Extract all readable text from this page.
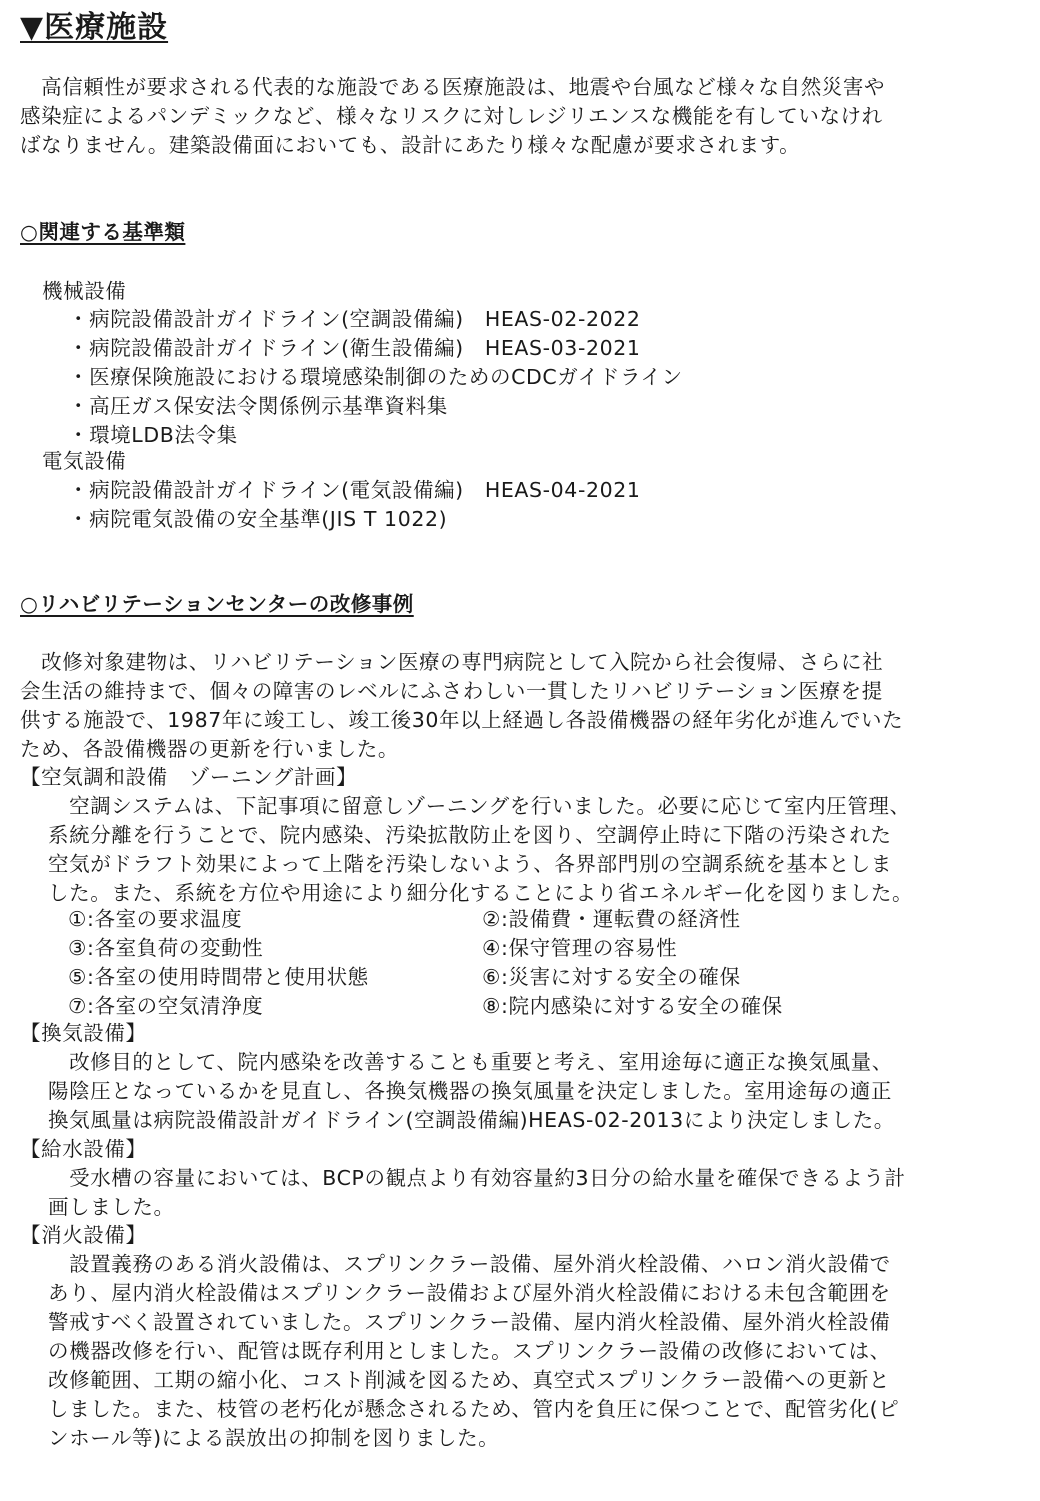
▼医療施設
　高信頼性が要求される代表的な施設である医療施設は、地震や台風など様々な自然災害や
感染症によるパンデミックなど、様々なリスクに対しレジリエンスな機能を有していなけれ
ばなりません。建築設備面においても、設計にあたり様々な配慮が要求されます。
○関連する基準類
機械設備
・病院設備設計ガイドライン(空調設備編)　HEAS-02-2022
・病院設備設計ガイドライン(衛生設備編)　HEAS-03-2021
・医療保険施設における環境感染制御のためのCDCガイドライン
・高圧ガス保安法令関係例示基準資料集
・環境LDB法令集
電気設備
・病院設備設計ガイドライン(電気設備編)　HEAS-04-2021
・病院電気設備の安全基準(JIS T 1022)
○リハビリテーションセンターの改修事例
　改修対象建物は、リハビリテーション医療の専門病院として入院から社会復帰、さらに社
会生活の維持まで、個々の障害のレベルにふさわしい一貫したリハビリテーション医療を提
供する施設で、1987年に竣工し、竣工後30年以上経過し各設備機器の経年劣化が進んでいた
ため、各設備機器の更新を行いました。
【空気調和設備　ゾーニング計画】
　空調システムは、下記事項に留意しゾーニングを行いました。必要に応じて室内圧管理、
系統分離を行うことで、院内感染、汚染拡散防止を図り、空調停止時に下階の汚染された
空気がドラフト効果によって上階を汚染しないよう、各界部門別の空調系統を基本としま
した。また、系統を方位や用途により細分化することにより省エネルギー化を図りました。
①:各室の要求温度	②:設備費・運転費の経済性
③:各室負荷の変動性	④:保守管理の容易性
⑤:各室の使用時間帯と使用状態	⑥:災害に対する安全の確保
⑦:各室の空気清浄度	⑧:院内感染に対する安全の確保
【換気設備】
　改修目的として、院内感染を改善することも重要と考え、室用途毎に適正な換気風量、
陽陰圧となっているかを見直し、各換気機器の換気風量を決定しました。室用途毎の適正
換気風量は病院設備設計ガイドライン(空調設備編)HEAS-02-2013により決定しました。
【給水設備】
　受水槽の容量においては、BCPの観点より有効容量約3日分の給水量を確保できるよう計
画しました。
【消火設備】
　設置義務のある消火設備は、スプリンクラー設備、屋外消火栓設備、ハロン消火設備で
あり、屋内消火栓設備はスプリンクラー設備および屋外消火栓設備における未包含範囲を
警戒すべく設置されていました。スプリンクラー設備、屋内消火栓設備、屋外消火栓設備
の機器改修を行い、配管は既存利用としました。スプリンクラー設備の改修においては、
改修範囲、工期の縮小化、コスト削減を図るため、真空式スプリンクラー設備への更新と
しました。また、枝管の老朽化が懸念されるため、管内を負圧に保つことで、配管劣化(ピ
ンホール等)による誤放出の抑制を図りました。
